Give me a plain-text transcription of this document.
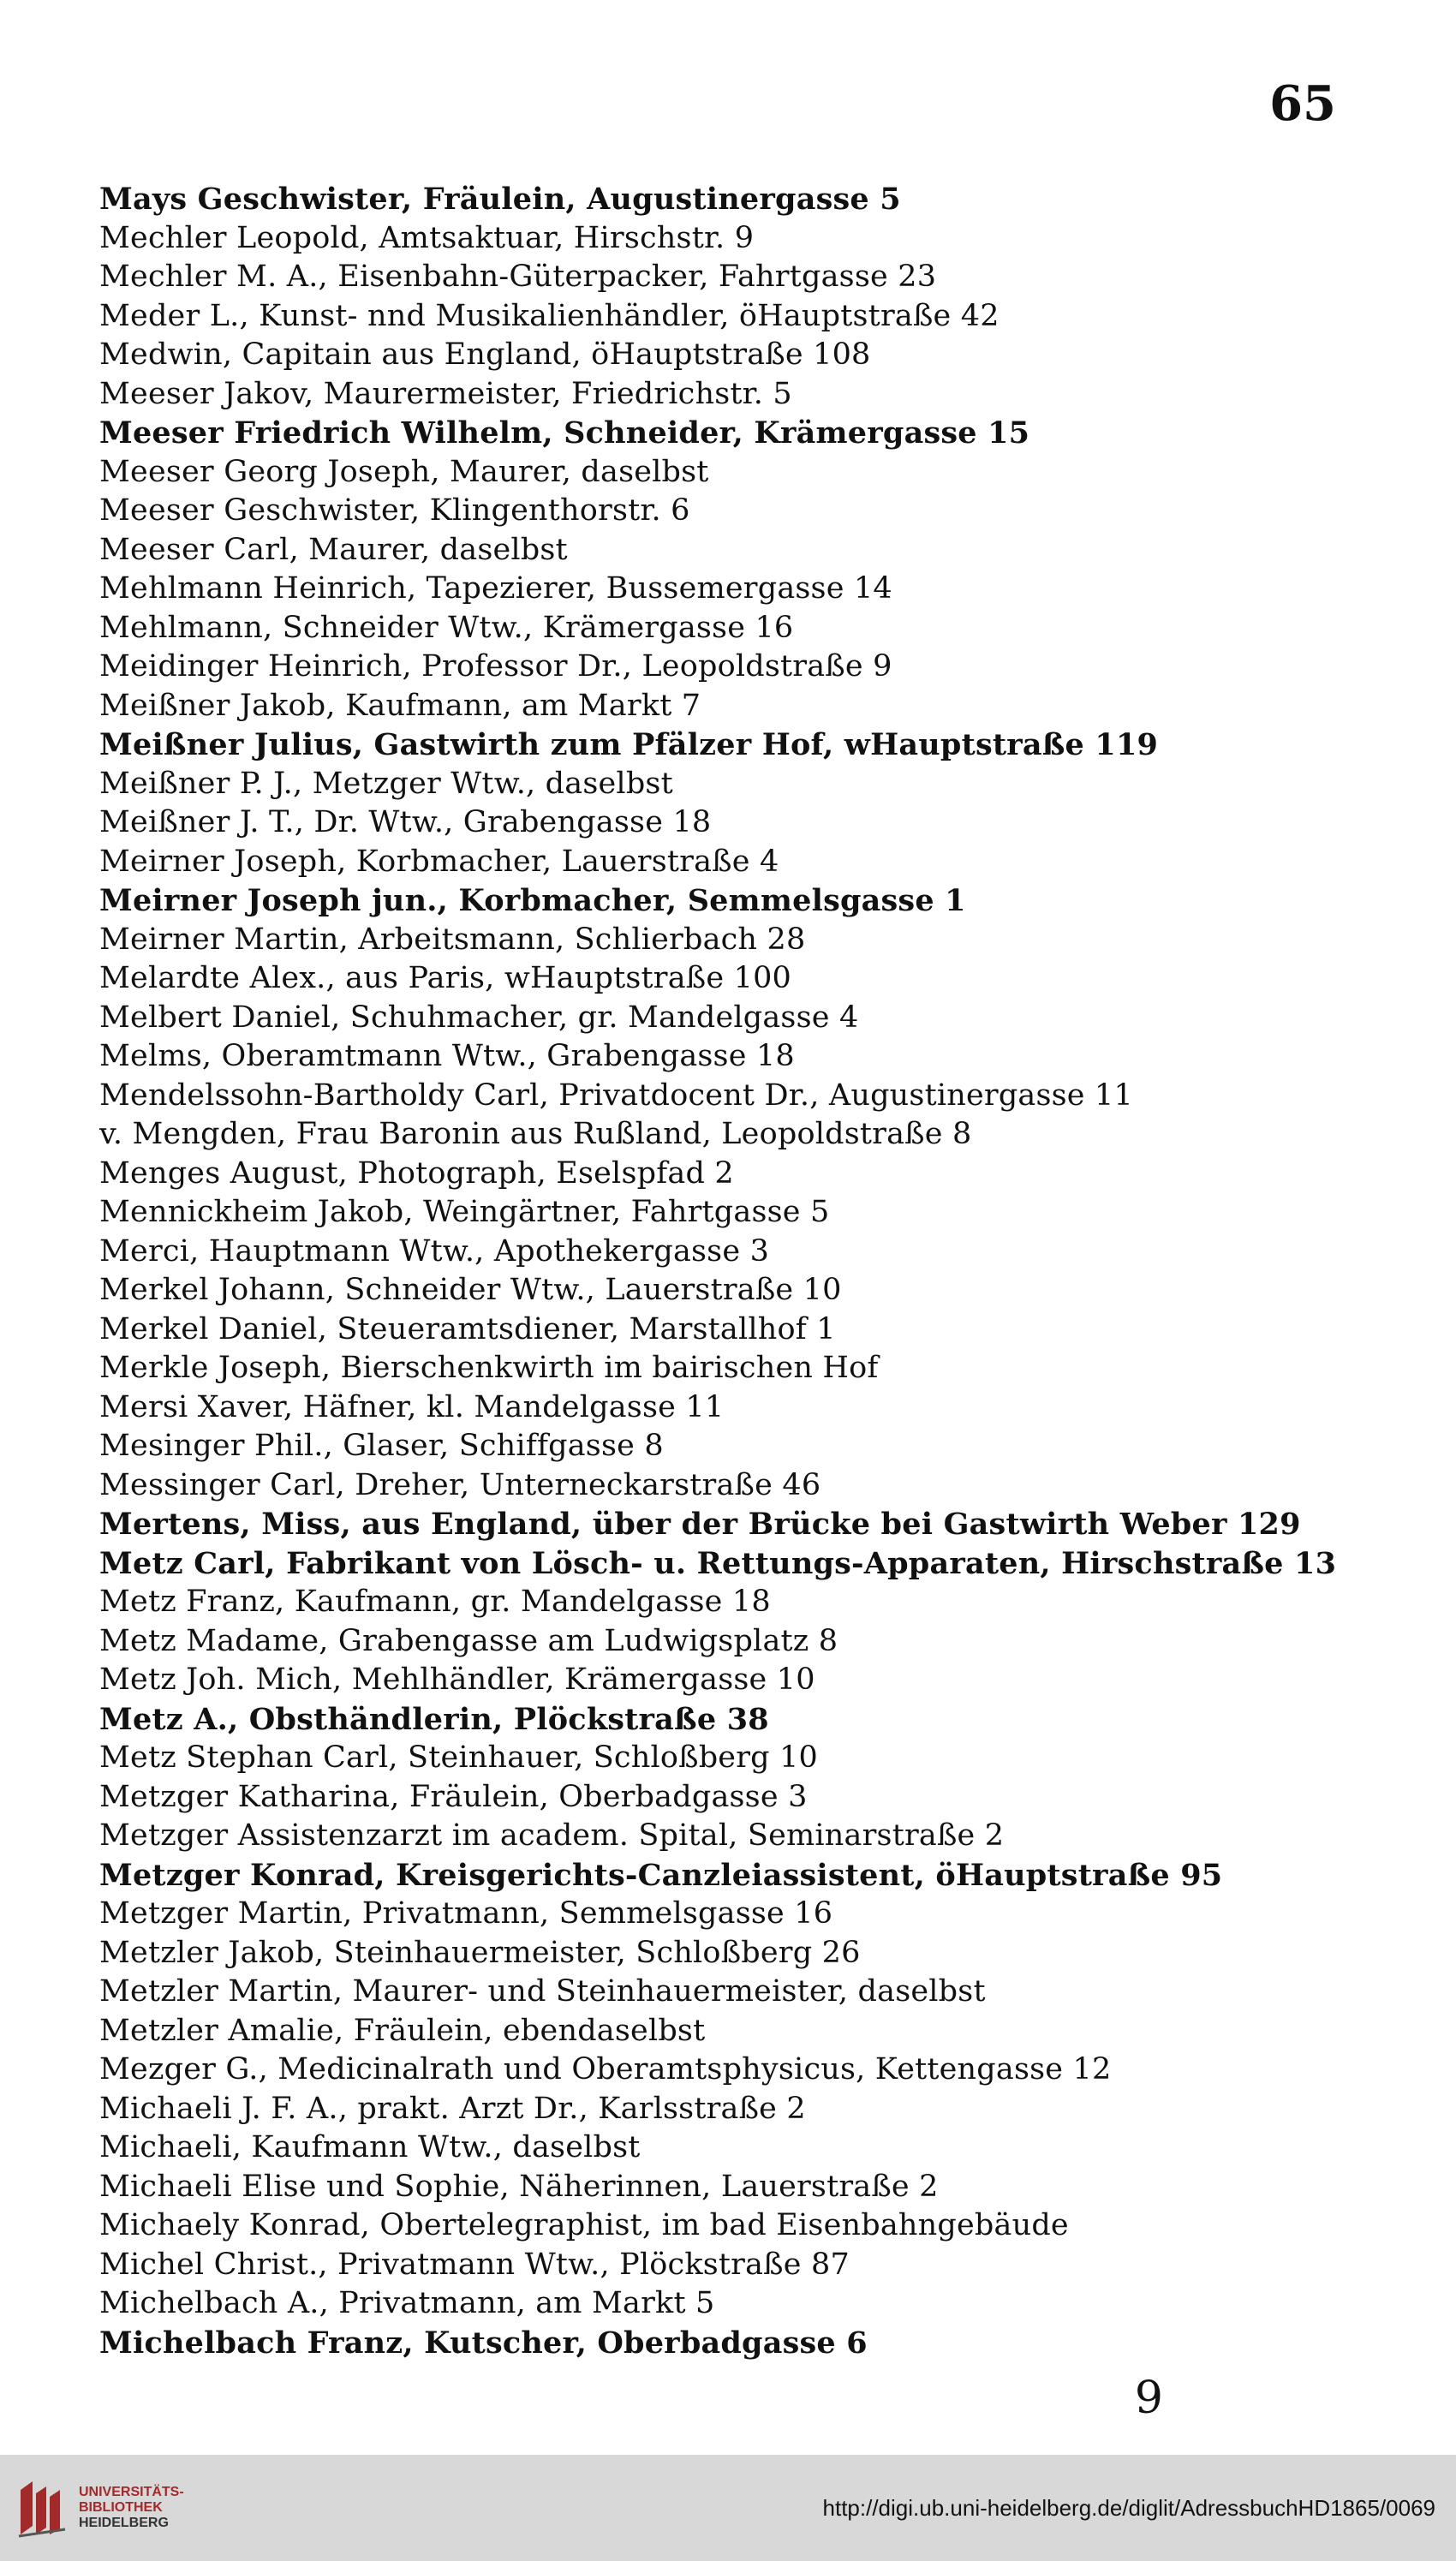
65
Mays Geschwister, Fräulein, Augustinergasse 5
Mechler Leopold, Amtsaktuar, Hirschstr. 9
Mechler M. A., Eisenbahn-Güterpacker, Fahrtgasse 23
Meder L., Kunst- nnd Musikalienhändler, öHauptstraße 42
Medwin, Capitain aus England, öHauptstraße 108
Meeser Jakov, Maurermeister, Friedrichstr. 5
Meeser Friedrich Wilhelm, Schneider, Krämergasse 15
Meeser Georg Joseph, Maurer, daselbst
Meeser Geschwister, Klingenthorstr. 6
Meeser Carl, Maurer, daselbst
Mehlmann Heinrich, Tapezierer, Bussemergasse 14
Mehlmann, Schneider Wtw., Krämergasse 16
Meidinger Heinrich, Professor Dr., Leopoldstraße 9
Meißner Jakob, Kaufmann, am Markt 7
Meißner Julius, Gastwirth zum Pfälzer Hof, wHauptstraße 119
Meißner P. J., Metzger Wtw., daselbst
Meißner J. T., Dr. Wtw., Grabengasse 18
Meirner Joseph, Korbmacher, Lauerstraße 4
Meirner Joseph jun., Korbmacher, Semmelsgasse 1
Meirner Martin, Arbeitsmann, Schlierbach 28
Melardte Alex., aus Paris, wHauptstraße 100
Melbert Daniel, Schuhmacher, gr. Mandelgasse 4
Melms, Oberamtmann Wtw., Grabengasse 18
Mendelssohn-Bartholdy Carl, Privatdocent Dr., Augustinergasse 11
v. Mengden, Frau Baronin aus Rußland, Leopoldstraße 8
Menges August, Photograph, Eselspfad 2
Mennickheim Jakob, Weingärtner, Fahrtgasse 5
Merci, Hauptmann Wtw., Apothekergasse 3
Merkel Johann, Schneider Wtw., Lauerstraße 10
Merkel Daniel, Steueramtsdiener, Marstallhof 1
Merkle Joseph, Bierschenkwirth im bairischen Hof
Mersi Xaver, Häfner, kl. Mandelgasse 11
Mesinger Phil., Glaser, Schiffgasse 8
Messinger Carl, Dreher, Unterneckarstraße 46
Mertens, Miss, aus England, über der Brücke bei Gastwirth Weber 129
Metz Carl, Fabrikant von Lösch- u. Rettungs-Apparaten, Hirschstraße 13
Metz Franz, Kaufmann, gr. Mandelgasse 18
Metz Madame, Grabengasse am Ludwigsplatz 8
Metz Joh. Mich, Mehlhändler, Krämergasse 10
Metz A., Obsthändlerin, Plöckstraße 38
Metz Stephan Carl, Steinhauer, Schloßberg 10
Metzger Katharina, Fräulein, Oberbadgasse 3
Metzger Assistenzarzt im academ. Spital, Seminarstraße 2
Metzger Konrad, Kreisgerichts-Canzleiassistent, öHauptstraße 95
Metzger Martin, Privatmann, Semmelsgasse 16
Metzler Jakob, Steinhauermeister, Schloßberg 26
Metzler Martin, Maurer- und Steinhauermeister, daselbst
Metzler Amalie, Fräulein, ebendaselbst
Mezger G., Medicinalrath und Oberamtsphysicus, Kettengasse 12
Michaeli J. F. A., prakt. Arzt Dr., Karlsstraße 2
Michaeli, Kaufmann Wtw., daselbst
Michaeli Elise und Sophie, Näherinnen, Lauerstraße 2
Michaely Konrad, Obertelegraphist, im bad Eisenbahngebäude
Michel Christ., Privatmann Wtw., Plöckstraße 87
Michelbach A., Privatmann, am Markt 5
Michelbach Franz, Kutscher, Oberbadgasse 6
9
UNIVERSITÄTS-
BIBLIOTHEK
HEIDELBERG
http://digi.ub.uni-heidelberg.de/diglit/AdressbuchHD1865/0069
